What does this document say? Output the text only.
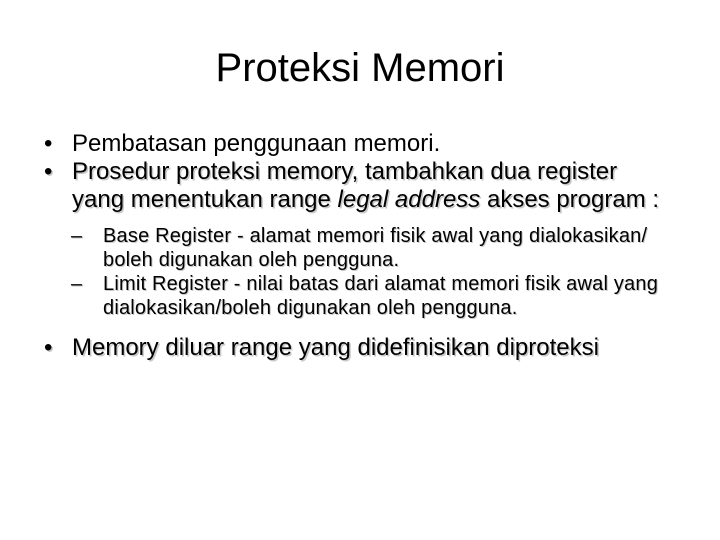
Proteksi Memori
• Pembatasan penggunaan memori.
• Prosedur proteksi memory, tambahkan dua register yang menentukan range legal address akses program :
– Base Register - alamat memori fisik awal yang dialokasikan/ boleh digunakan oleh pengguna.
– Limit Register - nilai batas dari alamat memori fisik awal yang dialokasikan/boleh digunakan oleh pengguna.
• Memory diluar range yang didefinisikan diproteksi
